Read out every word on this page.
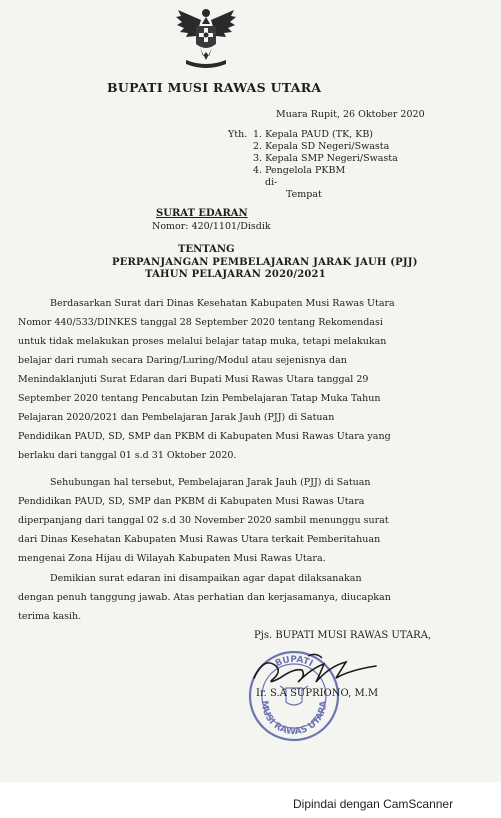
BUPATI MUSI RAWAS UTARA
Muara Rupit, 26 Oktober 2020
Yth. 1. Kepala PAUD (TK, KB)
2. Kepala SD Negeri/Swasta
3. Kepala SMP Negeri/Swasta
4. Pengelola PKBM
di-
Tempat
SURAT EDARAN
Nomor: 420/1101/Disdik
TENTANG
PERPANJANGAN PEMBELAJARAN JARAK JAUH (PJJ)
TAHUN PELAJARAN 2020/2021
Berdasarkan Surat dari Dinas Kesehatan Kabupaten Musi Rawas Utara
Nomor 440/533/DINKES tanggal 28 September 2020 tentang Rekomendasi
untuk tidak melakukan proses melalui belajar tatap muka, tetapi melakukan
belajar dari rumah secara Daring/Luring/Modul atau sejenisnya dan
Menindaklanjuti Surat Edaran dari Bupati Musi Rawas Utara tanggal 29
September 2020 tentang Pencabutan Izin Pembelajaran Tatap Muka Tahun
Pelajaran 2020/2021 dan Pembelajaran Jarak Jauh (PJJ) di Satuan
Pendidikan PAUD, SD, SMP dan PKBM di Kabupaten Musi Rawas Utara yang
berlaku dari tanggal 01 s.d 31 Oktober 2020.
Sehubungan hal tersebut, Pembelajaran Jarak Jauh (PJJ) di Satuan
Pendidikan PAUD, SD, SMP dan PKBM di Kabupaten Musi Rawas Utara
diperpanjang dari tanggal 02 s.d 30 November 2020 sambil menunggu surat
dari Dinas Kesehatan Kabupaten Musi Rawas Utara terkait Pemberitahuan
mengenai Zona Hijau di Wilayah Kabupaten Musi Rawas Utara.
Demikian surat edaran ini disampaikan agar dapat dilaksanakan
dengan penuh tanggung jawab. Atas perhatian dan kerjasamanya, diucapkan
terima kasih.
Pjs. BUPATI MUSI RAWAS UTARA,
MUSI RAWAS UTARA
BUPATI
Ir. S.A SUPRIONO, M.M
Dipindai dengan CamScanner
